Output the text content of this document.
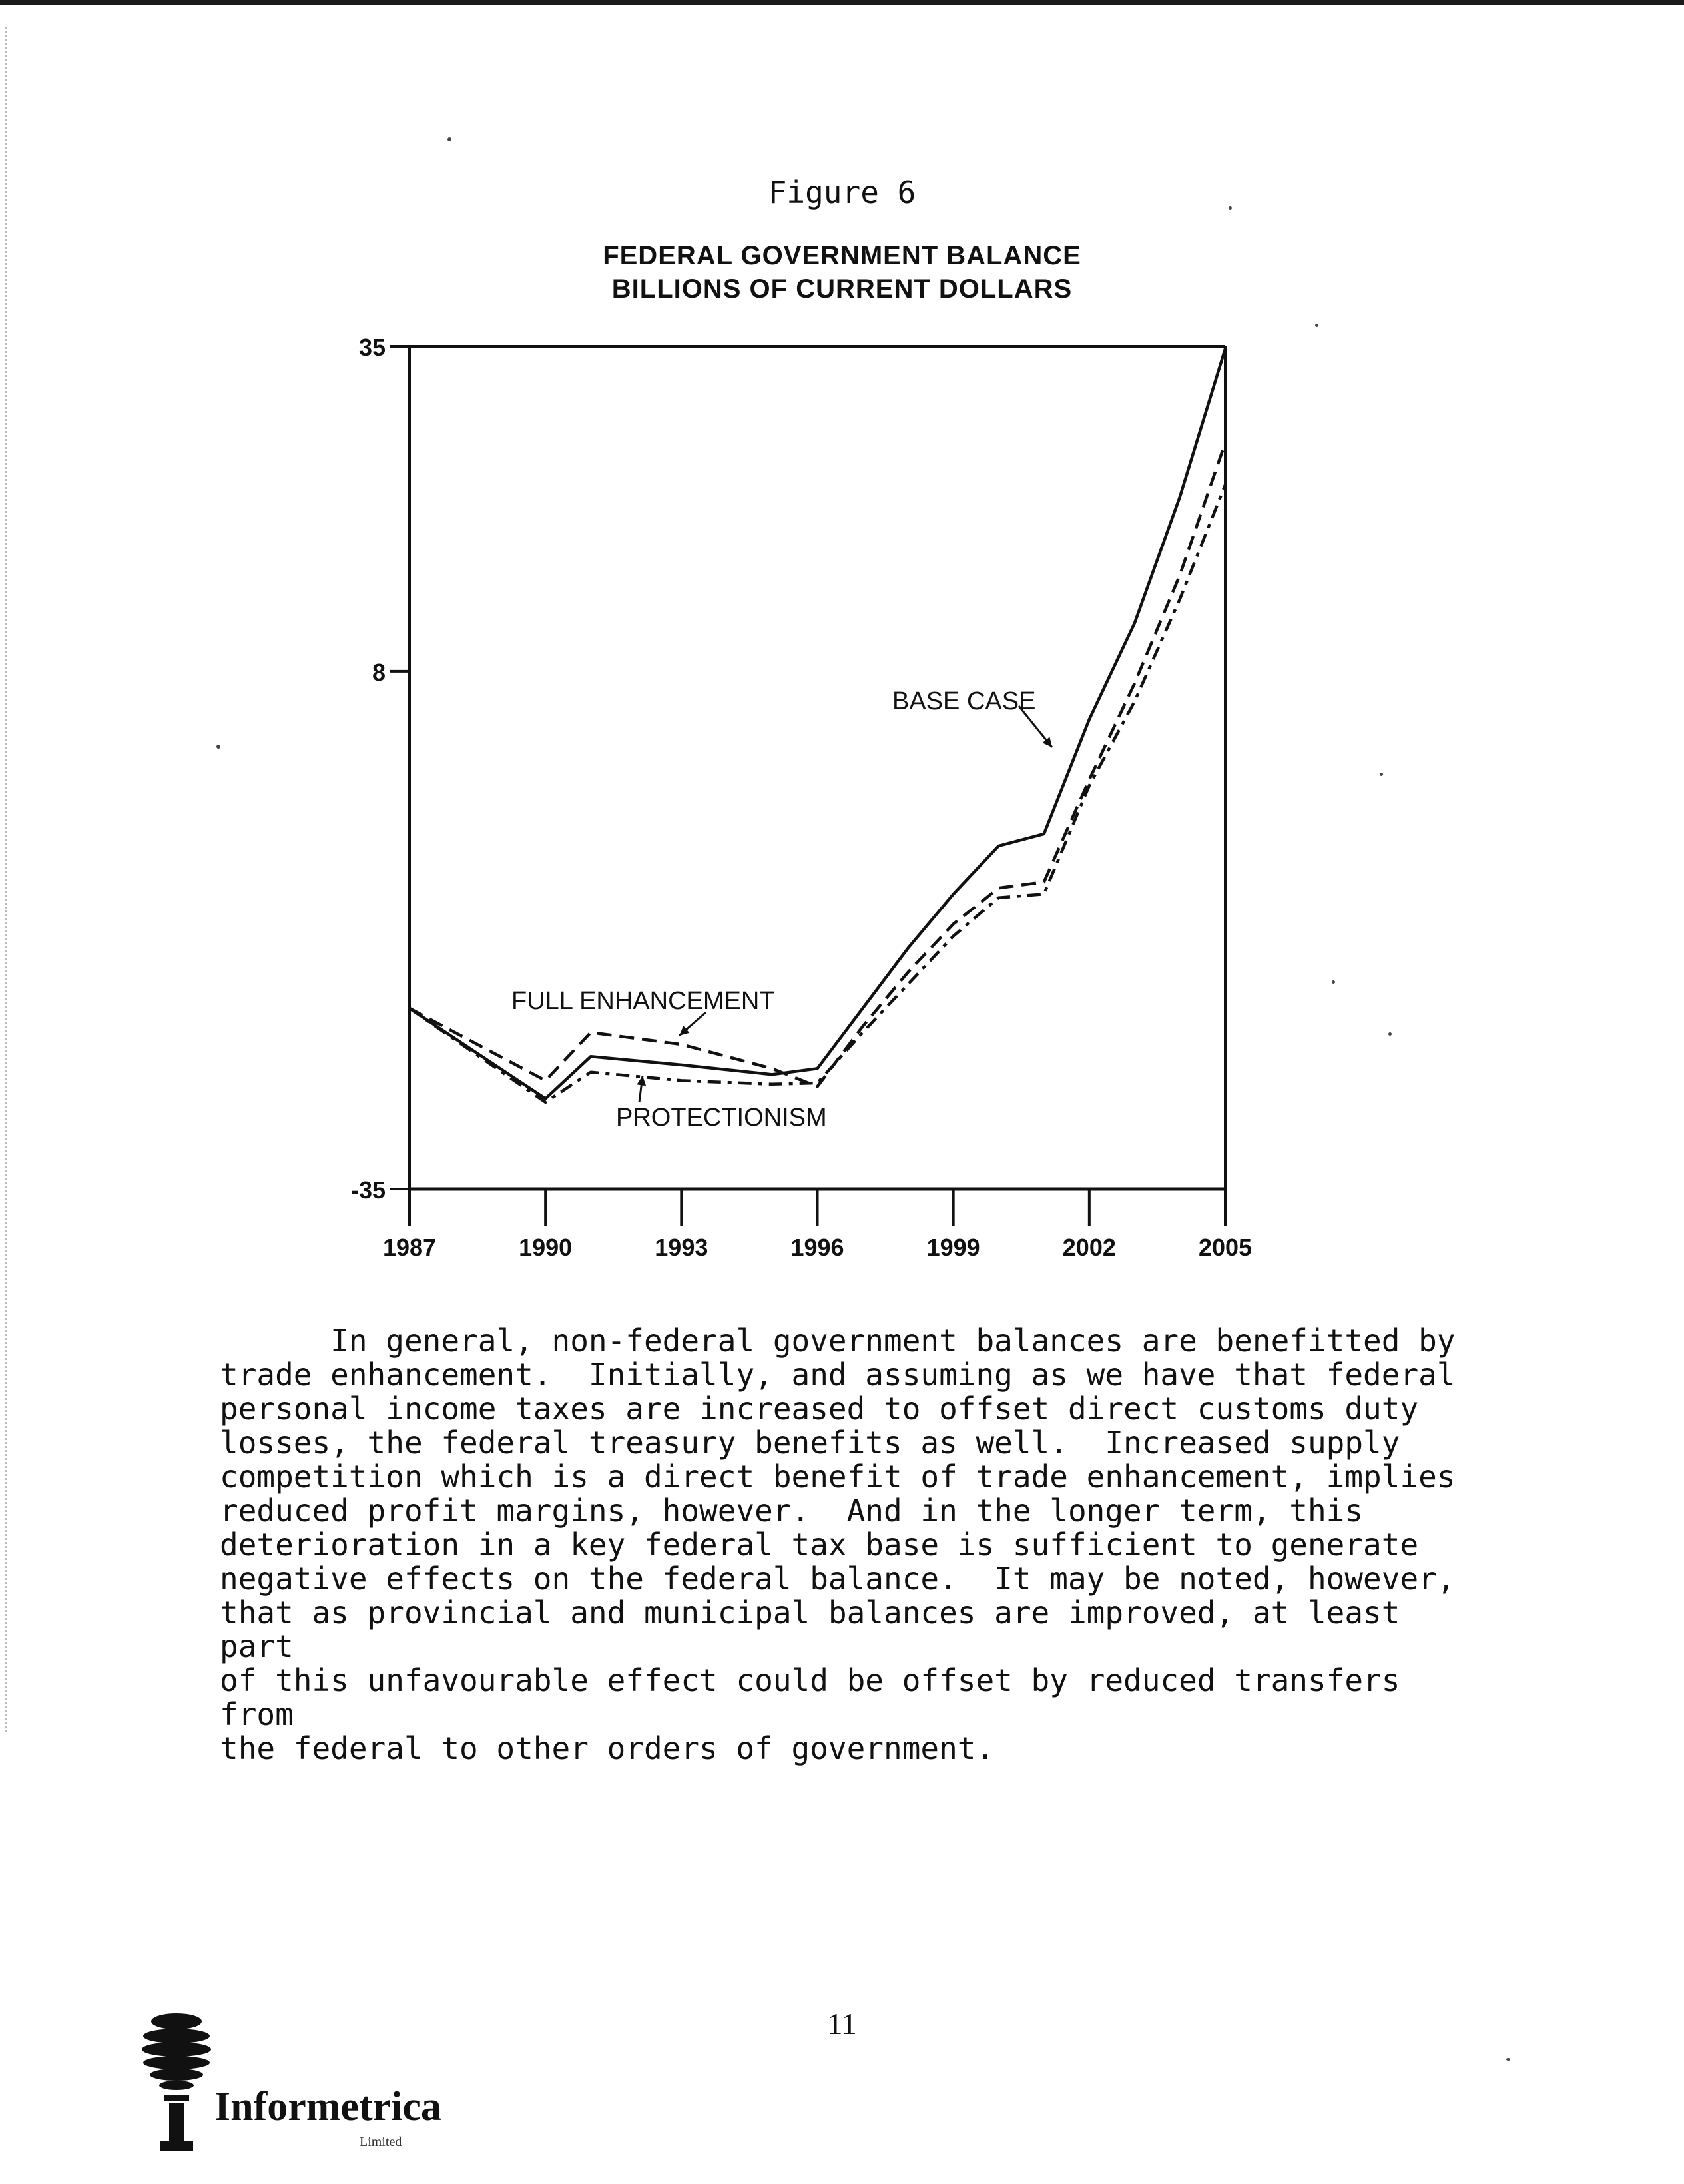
Figure 6
FEDERAL GOVERNMENT BALANCE
BILLIONS OF CURRENT DOLLARS
35
8
-35
1987	1990	1993	1996	1999	2002	2005
BASE CASE
FULL ENHANCEMENT
PROTECTIONISM
In general, non-federal government balances are benefitted by
trade enhancement.  Initially, and assuming as we have that federal
personal income taxes are increased to offset direct customs duty
losses, the federal treasury benefits as well.  Increased supply
competition which is a direct benefit of trade enhancement, implies
reduced profit margins, however.  And in the longer term, this
deterioration in a key federal tax base is sufficient to generate
negative effects on the federal balance.  It may be noted, however,
that as provincial and municipal balances are improved, at least part
of this unfavourable effect could be offset by reduced transfers from
the federal to other orders of government.
11
Informetrica
Limited
